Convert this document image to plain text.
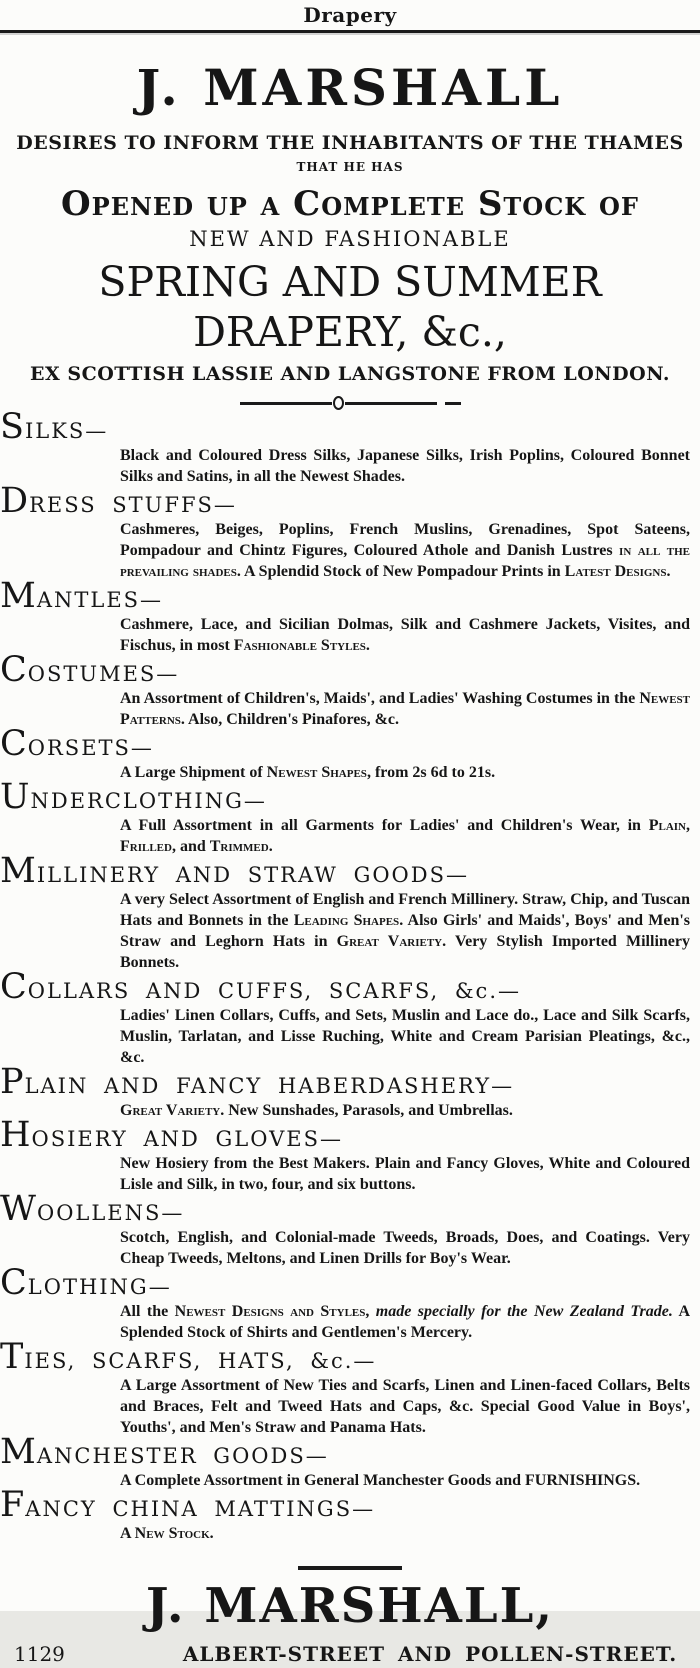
Drapery
J. MARSHALL
DESIRES TO INFORM THE INHABITANTS OF THE THAMES
THAT HE HAS
Opened up a Complete Stock of
NEW AND FASHIONABLE
SPRING AND SUMMER DRAPERY, &c.,
EX SCOTTISH LASSIE AND LANGSTONE FROM LONDON.
SILKS—

Black and Coloured Dress Silks, Japanese Silks, Irish Poplins, Coloured Bonnet Silks and Satins, in all the Newest Shades.

DRESS STUFFS—

Cashmeres, Beiges, Poplins, French Muslins, Grenadines, Spot Sateens, Pompadour and Chintz Figures, Coloured Athole and Danish Lustres in all the prevailing shades. A Splendid Stock of New Pompadour Prints in Latest Designs.

MANTLES—

Cashmere, Lace, and Sicilian Dolmas, Silk and Cashmere Jackets, Visites, and Fischus, in most Fashionable Styles.

COSTUMES—

An Assortment of Children's, Maids', and Ladies' Washing Costumes in the Newest Patterns. Also, Children's Pinafores, &c.

CORSETS—

A Large Shipment of Newest Shapes, from 2s 6d to 21s.

UNDERCLOTHING—

A Full Assortment in all Garments for Ladies' and Children's Wear, in Plain, Frilled, and Trimmed.

MILLINERY AND STRAW GOODS—

A very Select Assortment of English and French Millinery. Straw, Chip, and Tuscan Hats and Bonnets in the Leading Shapes. Also Girls' and Maids', Boys' and Men's Straw and Leghorn Hats in Great Variety. Very Stylish Imported Millinery Bonnets.

COLLARS AND CUFFS, SCARFS, &c.—

Ladies' Linen Collars, Cuffs, and Sets, Muslin and Lace do., Lace and Silk Scarfs, Muslin, Tarlatan, and Lisse Ruching, White and Cream Parisian Pleatings, &c., &c.

PLAIN AND FANCY HABERDASHERY—

Great Variety. New Sunshades, Parasols, and Umbrellas.

HOSIERY AND GLOVES—

New Hosiery from the Best Makers. Plain and Fancy Gloves, White and Coloured Lisle and Silk, in two, four, and six buttons.

WOOLLENS—

Scotch, English, and Colonial-made Tweeds, Broads, Does, and Coatings. Very Cheap Tweeds, Meltons, and Linen Drills for Boy's Wear.

CLOTHING—

All the Newest Designs and Styles, made specially for the New Zealand Trade. A Splended Stock of Shirts and Gentlemen's Mercery.

TIES, SCARFS, HATS, &c.—

A Large Assortment of New Ties and Scarfs, Linen and Linen-faced Collars, Belts and Braces, Felt and Tweed Hats and Caps, &c. Special Good Value in Boys', Youths', and Men's Straw and Panama Hats.

MANCHESTER GOODS—

A Complete Assortment in General Manchester Goods and FURNISHINGS.

FANCY CHINA MATTINGS—

A New Stock.

J. MARSHALL,
1129	ALBERT-STREET AND POLLEN-STREET.
